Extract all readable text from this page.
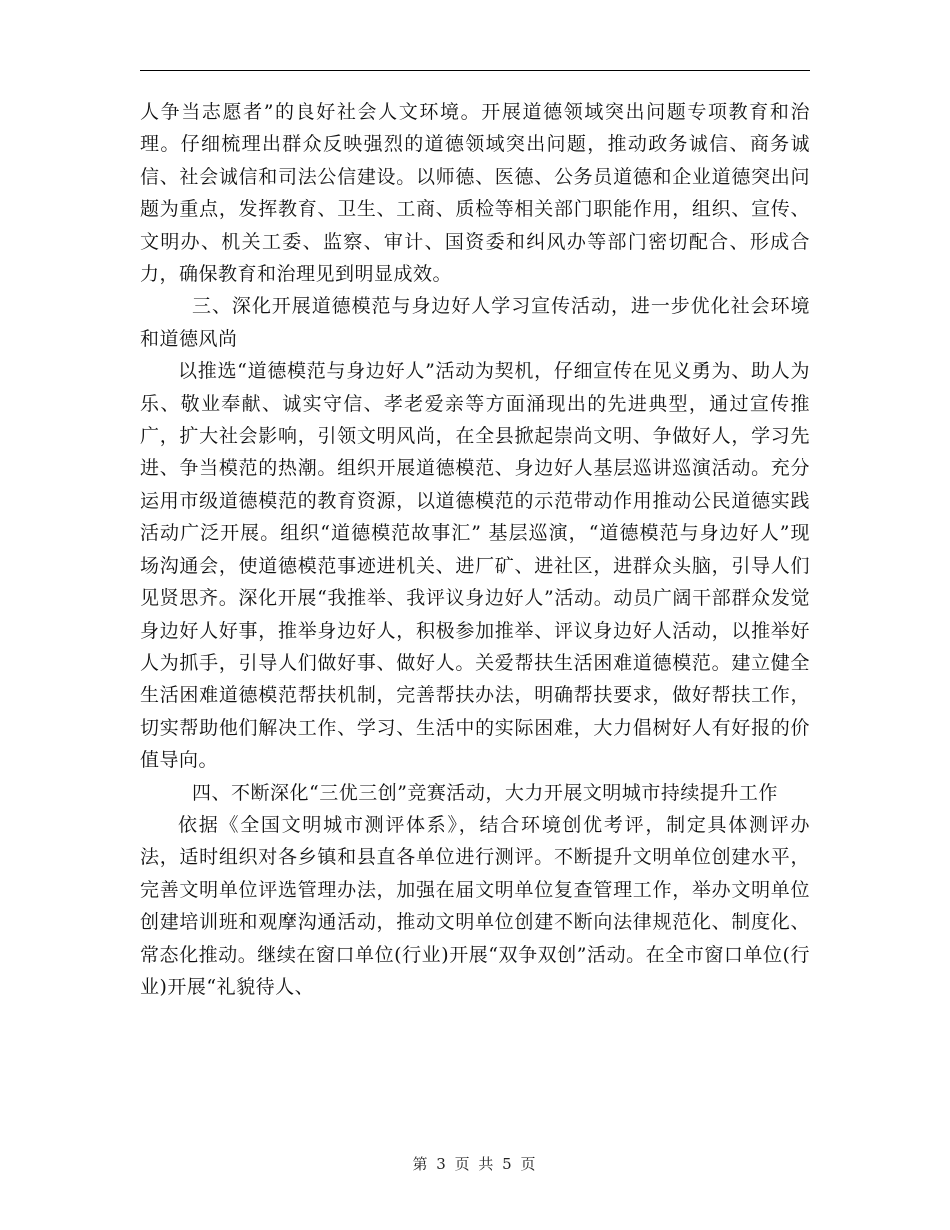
人争当志愿者”的良好社会人文环境。开展道德领域突出问题专项教育和治理。仔细梳理出群众反映强烈的道德领域突出问题，推动政务诚信、商务诚信、社会诚信和司法公信建设。以师德、医德、公务员道德和企业道德突出问题为重点，发挥教育、卫生、工商、质检等相关部门职能作用，组织、宣传、文明办、机关工委、监察、审计、国资委和纠风办等部门密切配合、形成合力，确保教育和治理见到明显成效。

三、深化开展道德模范与身边好人学习宣传活动，进一步优化社会环境和道德风尚

以推选“道德模范与身边好人”活动为契机，仔细宣传在见义勇为、助人为乐、敬业奉献、诚实守信、孝老爱亲等方面涌现出的先进典型，通过宣传推广，扩大社会影响，引领文明风尚，在全县掀起崇尚文明、争做好人，学习先进、争当模范的热潮。组织开展道德模范、身边好人基层巡讲巡演活动。充分运用市级道德模范的教育资源，以道德模范的示范带动作用推动公民道德实践活动广泛开展。组织“道德模范故事汇” 基层巡演，“道德模范与身边好人”现场沟通会，使道德模范事迹进机关、进厂矿、进社区，进群众头脑，引导人们见贤思齐。深化开展“我推举、我评议身边好人”活动。动员广阔干部群众发觉身边好人好事，推举身边好人，积极参加推举、评议身边好人活动，以推举好人为抓手，引导人们做好事、做好人。关爱帮扶生活困难道德模范。建立健全生活困难道德模范帮扶机制，完善帮扶办法，明确帮扶要求，做好帮扶工作，切实帮助他们解决工作、学习、生活中的实际困难，大力倡树好人有好报的价值导向。

四、不断深化“三优三创”竞赛活动，大力开展文明城市持续提升工作

依据《全国文明城市测评体系》，结合环境创优考评，制定具体测评办法，适时组织对各乡镇和县直各单位进行测评。不断提升文明单位创建水平，完善文明单位评选管理办法，加强在届文明单位复查管理工作，举办文明单位创建培训班和观摩沟通活动，推动文明单位创建不断向法律规范化、制度化、常态化推动。继续在窗口单位(行业)开展“双争双创”活动。在全市窗口单位(行业)开展“礼貌待人、

第 3 页 共 5 页
